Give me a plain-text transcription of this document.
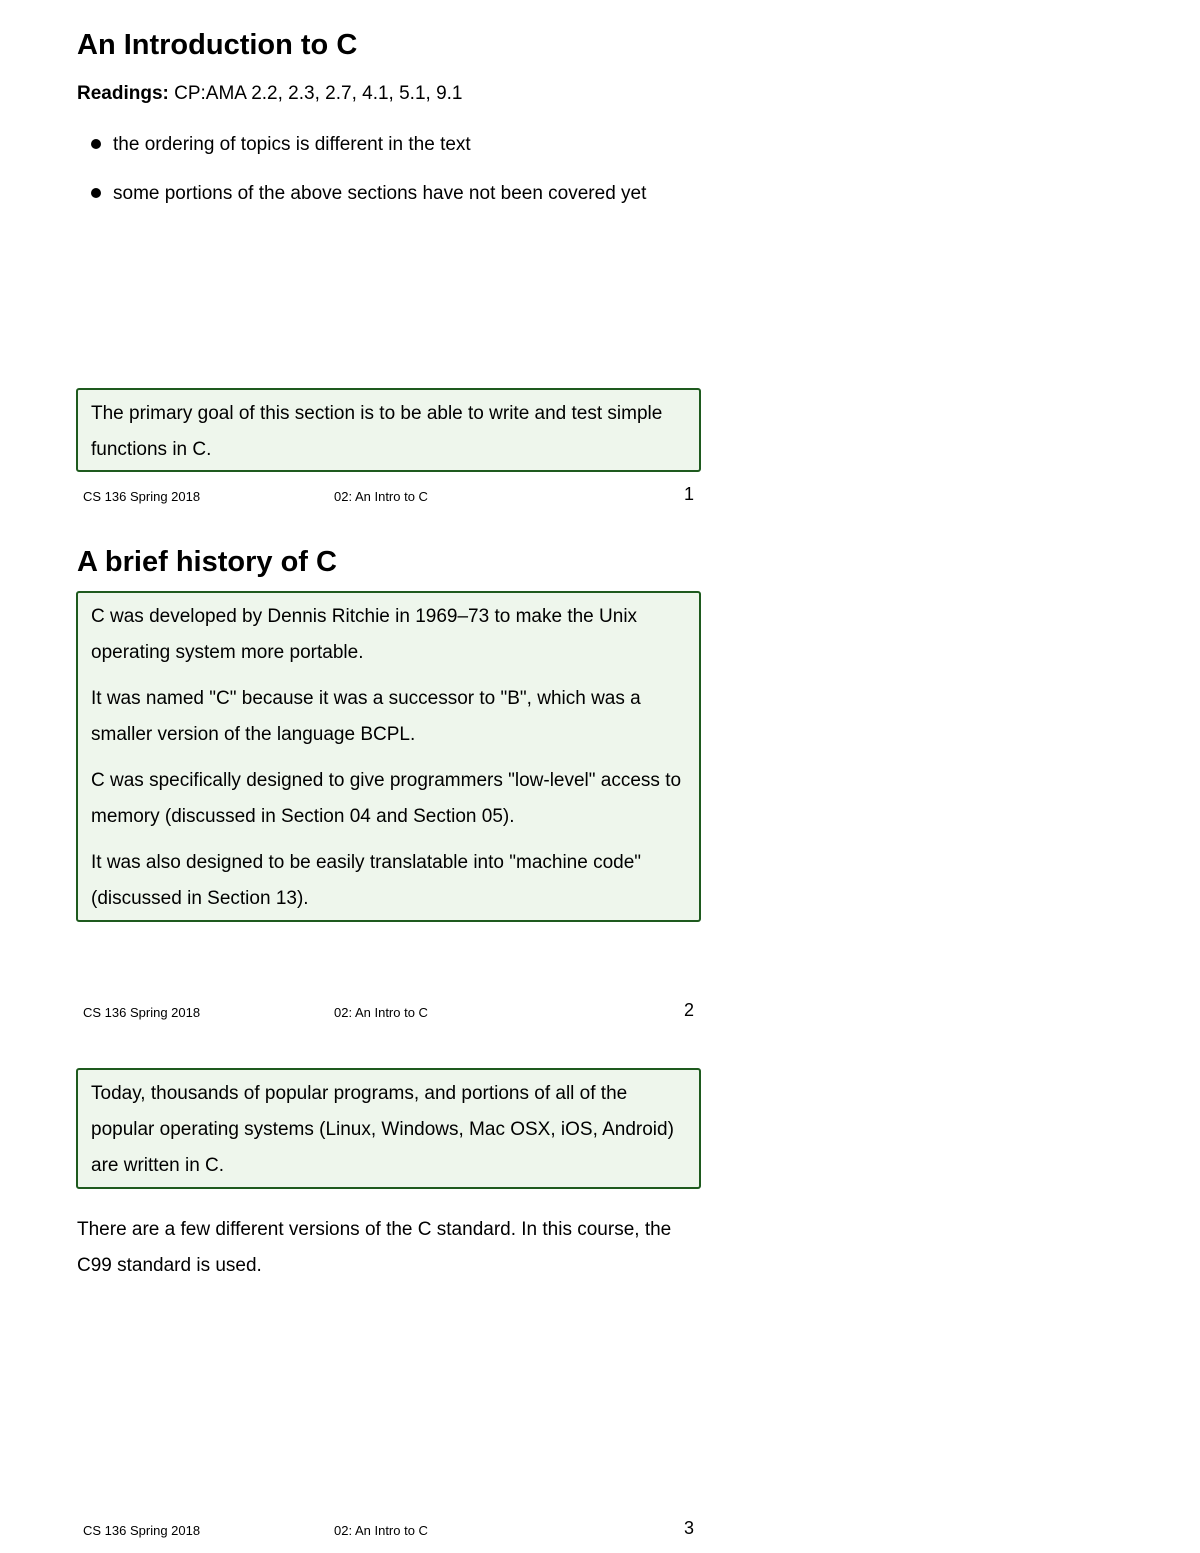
An Introduction to C
Readings: CP:AMA 2.2, 2.3, 2.7, 4.1, 5.1, 9.1
the ordering of topics is different in the text
some portions of the above sections have not been covered yet

The primary goal of this section is to be able to write and test simple functions in C.

CS 136 Spring 2018	02: An Intro to C	1
A brief history of C

C was developed by Dennis Ritchie in 1969–73 to make the Unix operating system more portable.

It was named "C" because it was a successor to "B", which was a smaller version of the language BCPL.

C was specifically designed to give programmers "low-level" access to memory (discussed in Section 04 and Section 05).

It was also designed to be easily translatable into "machine code" (discussed in Section 13).

CS 136 Spring 2018	02: An Intro to C	2

Today, thousands of popular programs, and portions of all of the popular operating systems (Linux, Windows, Mac OSX, iOS, Android) are written in C.

There are a few different versions of the C standard. In this course, the C99 standard is used.
CS 136 Spring 2018	02: An Intro to C	3
